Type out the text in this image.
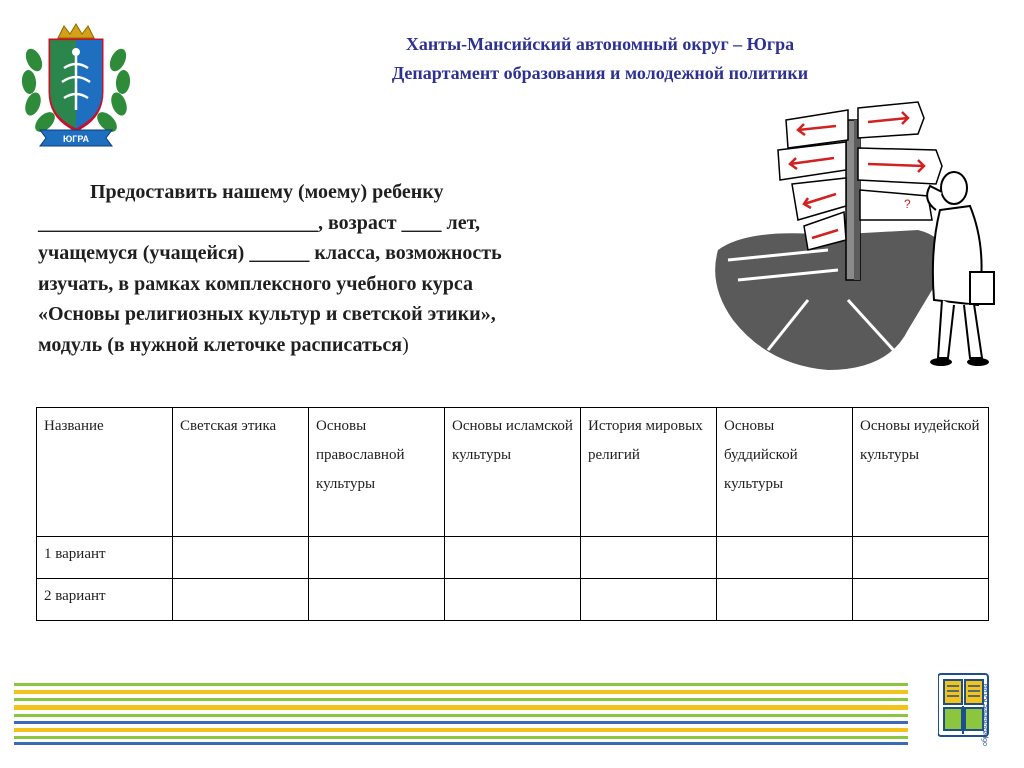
ЮГРА
Ханты-Мансийский автономный округ – Югра
Департамент образования и молодежной политики
?
Предоставить нашему (моему) ребенку
____________________________, возраст ____ лет,
учащемуся (учащейся) ______ класса, возможность
изучать, в рамках комплексного учебного курса
«Основы религиозных культур и светской этики»,
модуль (в нужной клеточке расписаться)
Название	Светская этика	Основы православной культуры	Основы исламской культуры	История мировых религий	Основы буддийской культуры	Основы иудейской культуры
1 вариант						
2 вариант						
образование Югры
